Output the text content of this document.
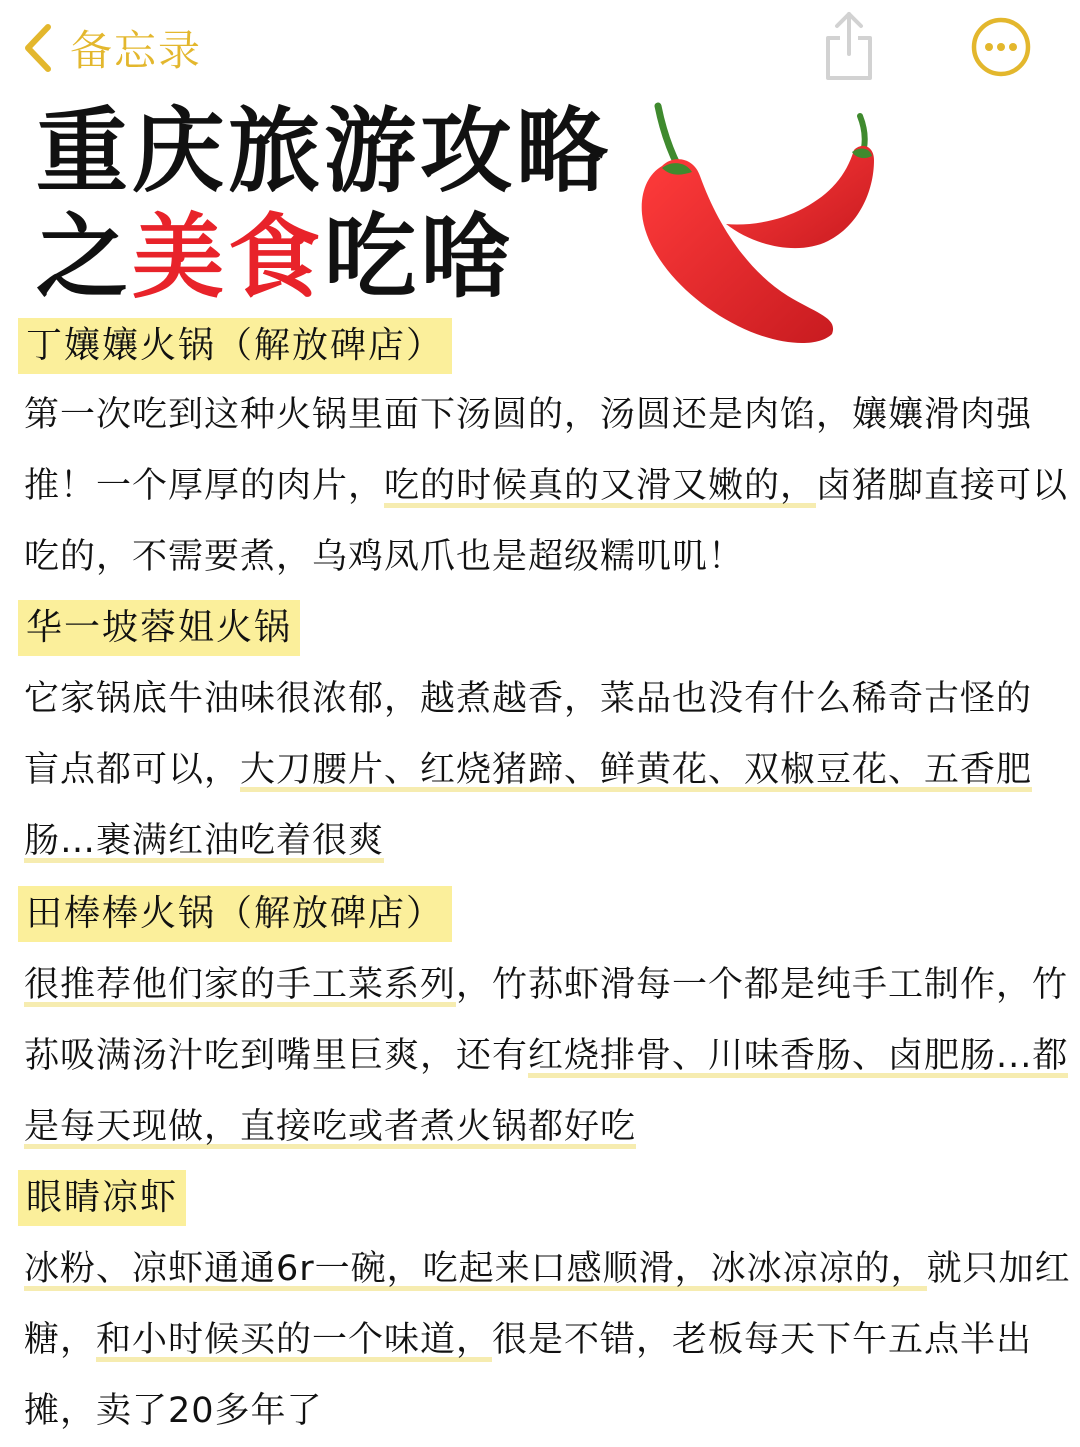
备忘录
重庆旅游攻略
之美食吃啥
丁孃孃火锅（解放碑店）
第一次吃到这种火锅里面下汤圆的，汤圆还是肉馅，孃孃滑肉强推！一个厚厚的肉片，吃的时候真的又滑又嫩的，卤猪脚直接可以吃的，不需要煮，乌鸡凤爪也是超级糯叽叽！
华一坡蓉姐火锅
它家锅底牛油味很浓郁，越煮越香，菜品也没有什么稀奇古怪的 盲点都可以，大刀腰片、红烧猪蹄、鲜黄花、双椒豆花、五香肥肠…裹满红油吃着很爽
田棒棒火锅（解放碑店）
很推荐他们家的手工菜系列，竹荪虾滑每一个都是纯手工制作，竹荪吸满汤汁吃到嘴里巨爽，还有红烧排骨、川味香肠、卤肥肠...都是每天现做，直接吃或者煮火锅都好吃
眼睛凉虾
冰粉、凉虾通通6r一碗，吃起来口感顺滑，冰冰凉凉的，就只加红糖，和小时候买的一个味道，很是不错，老板每天下午五点半出摊，卖了20多年了
